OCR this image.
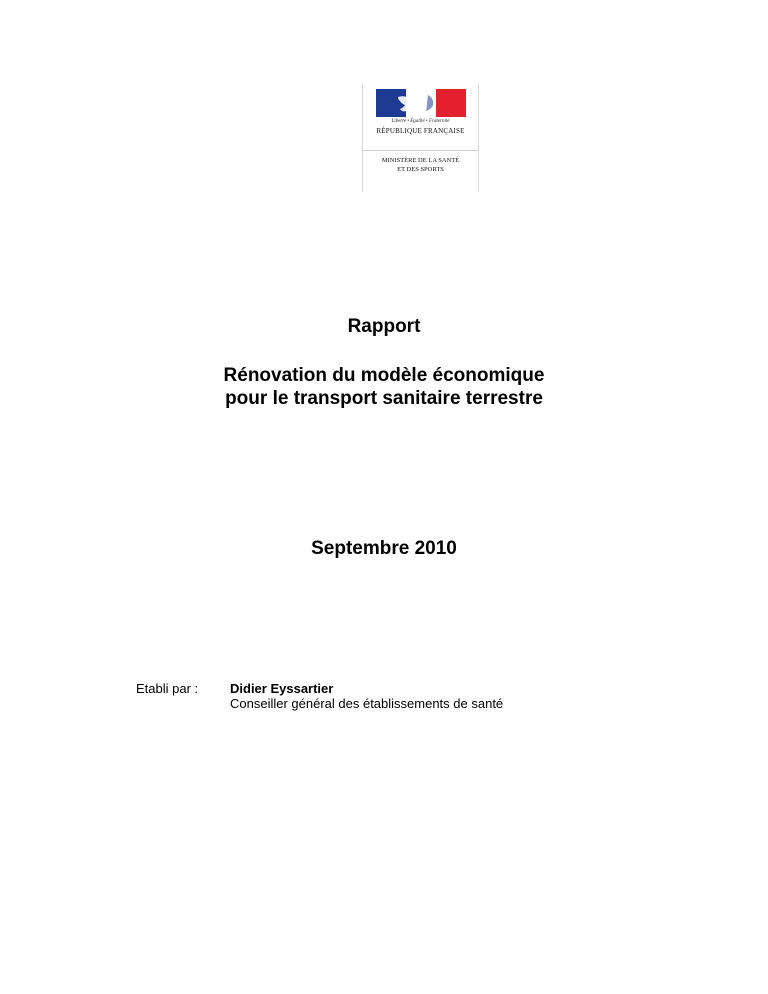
Liberté • Égalité • Fraternité
RÉPUBLIQUE FRANÇAISE
MINISTÈRE DE LA SANTÉ
ET DES SPORTS
Rapport
Rénovation du modèle économique
pour le transport sanitaire terrestre
Septembre 2010
Etabli par : Didier Eyssartier
Conseiller général des établissements de santé
